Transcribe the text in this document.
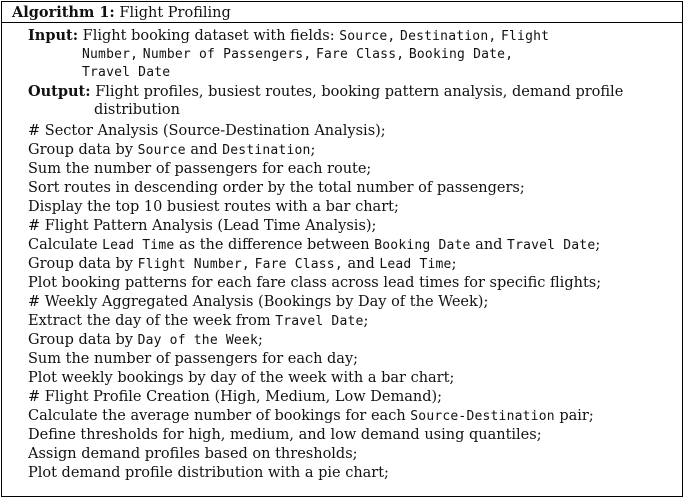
Algorithm 1: Flight Profiling
Input: Flight booking dataset with fields: Source, Destination, Flight
Number, Number of Passengers, Fare Class, Booking Date,
Travel Date
Output: Flight profiles, busiest routes, booking pattern analysis, demand profile
distribution
# Sector Analysis (Source-Destination Analysis);
Group data by Source and Destination;
Sum the number of passengers for each route;
Sort routes in descending order by the total number of passengers;
Display the top 10 busiest routes with a bar chart;
# Flight Pattern Analysis (Lead Time Analysis);
Calculate Lead Time as the difference between Booking Date and Travel Date;
Group data by Flight Number, Fare Class, and Lead Time;
Plot booking patterns for each fare class across lead times for specific flights;
# Weekly Aggregated Analysis (Bookings by Day of the Week);
Extract the day of the week from Travel Date;
Group data by Day of the Week;
Sum the number of passengers for each day;
Plot weekly bookings by day of the week with a bar chart;
# Flight Profile Creation (High, Medium, Low Demand);
Calculate the average number of bookings for each Source-Destination pair;
Define thresholds for high, medium, and low demand using quantiles;
Assign demand profiles based on thresholds;
Plot demand profile distribution with a pie chart;
